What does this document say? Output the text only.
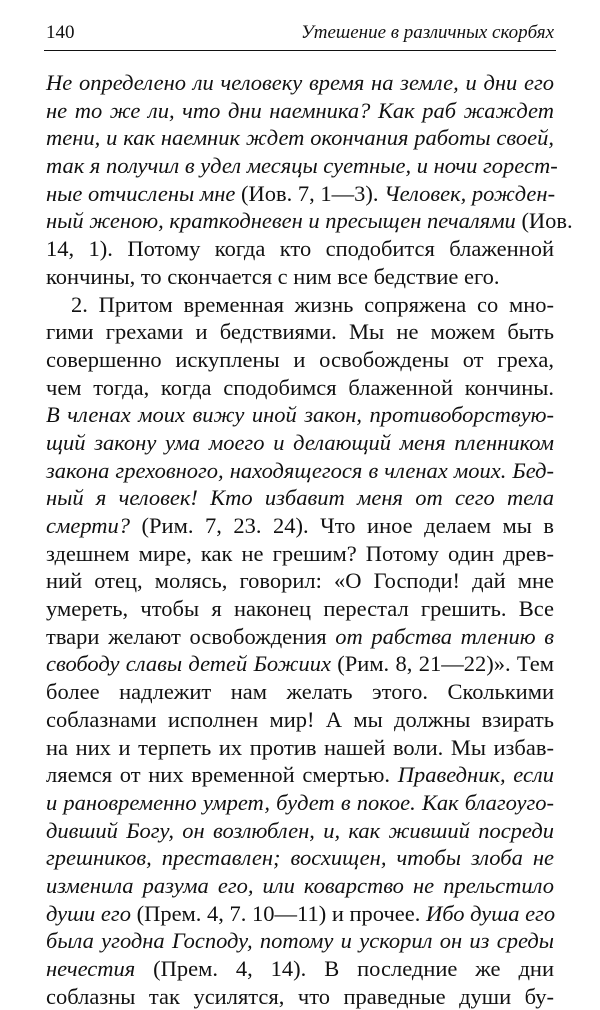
140	Утешение в различных скорбях
Не определено ли человеку время на земле, и дни его
не то же ли, что дни наемника? Как раб жаждет
тени, и как наемник ждет окончания работы своей,
так я получил в удел месяцы суетные, и ночи горест-
ные отчислены мне (Иов. 7, 1—3). Человек, рожден-
ный женою, краткодневен и пресыщен печалями (Иов.
14, 1). Потому когда кто сподобится блаженной
кончины, то скончается с ним все бедствие его.
2. Притом временная жизнь сопряжена со мно-
гими грехами и бедствиями. Мы не можем быть
совершенно искуплены и освобождены от греха,
чем тогда, когда сподобимся блаженной кончины.
В членах моих вижу иной закон, противоборствую-
щий закону ума моего и делающий меня пленником
закона греховного, находящегося в членах моих. Бед-
ный я человек! Кто избавит меня от сего тела
смерти? (Рим. 7, 23. 24). Что иное делаем мы в
здешнем мире, как не грешим? Потому один древ-
ний отец, молясь, говорил: «О Господи! дай мне
умереть, чтобы я наконец перестал грешить. Все
твари желают освобождения от рабства тлению в
свободу славы детей Божиих (Рим. 8, 21—22)». Тем
более надлежит нам желать этого. Сколькими
соблазнами исполнен мир! А мы должны взирать
на них и терпеть их против нашей воли. Мы избав-
ляемся от них временной смертью. Праведник, если
и рановременно умрет, будет в покое. Как благоуго-
дивший Богу, он возлюблен, и, как живший посреди
грешников, преставлен; восхищен, чтобы злоба не
изменила разума его, или коварство не прельстило
души его (Прем. 4, 7. 10—11) и прочее. Ибо душа его
была угодна Господу, потому и ускорил он из среды
нечестия (Прем. 4, 14). В последние же дни
соблазны так усилятся, что праведные души бу-
